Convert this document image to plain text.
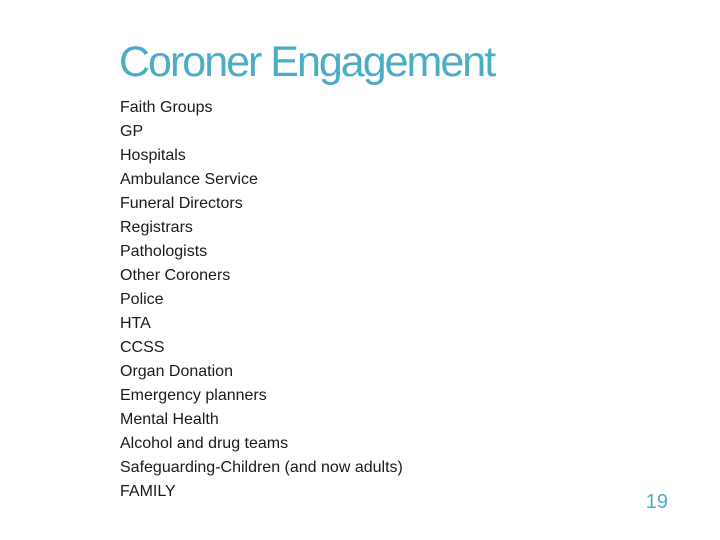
Coroner Engagement
Faith Groups
GP
Hospitals
Ambulance Service
Funeral Directors
Registrars
Pathologists
Other Coroners
Police
HTA
CCSS
Organ Donation
Emergency planners
Mental Health
Alcohol and drug teams
Safeguarding-Children (and now adults)
FAMILY	19
